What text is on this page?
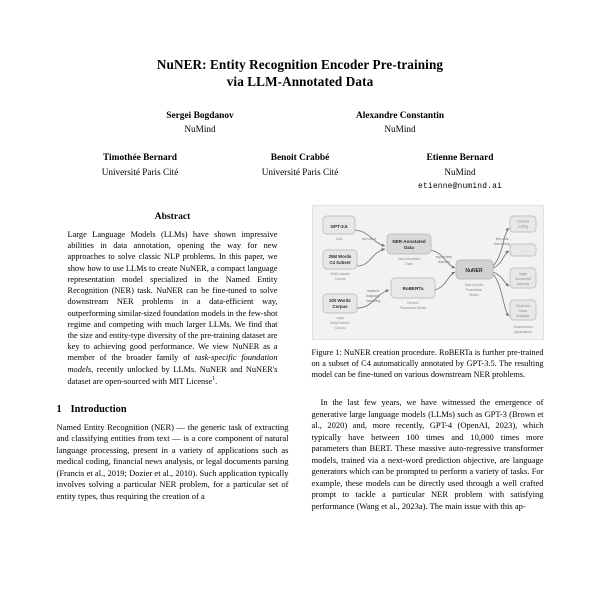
NuNER: Entity Recognition Encoder Pre-training
via LLM-Annotated Data
Sergei Bogdanov
NuMind
Alexandre Constantin
NuMind
Timothée Bernard
Université Paris Cité
Benoit Crabbé
Université Paris Cité
Etienne Bernard
NuMind
etienne@numind.ai
Abstract
Large Language Models (LLMs) have shown impressive abilities in data annotation, opening the way for new approaches to solve classic NLP problems. In this paper, we show how to use LLMs to create NuNER, a compact language representation model specialized in the Named Entity Recognition (NER) task. NuNER can be fine-tuned to solve downstream NER problems in a data-efficient way, outperforming similar-sized foundation models in the few-shot regime and competing with much larger LLMs. We find that the size and entity-type diversity of the pre-training dataset are key to achieving good performance. We view NuNER as a member of the broader family of task-specific foundation models, recently unlocked by LLMs. NuNER and NuNER's dataset are open-sourced with MIT License$^1$.
1 Introduction
Named Entity Recognition (NER) — the generic task of extracting and classifying entities from text — is a core component of natural language processing, present in a variety of applications such as medical coding, financial news analysis, or legal documents parsing (Francis et al., 2019; Dozier et al., 2010). Such application typically involves solving a particular NER problem, for a particular set of entity types, thus requiring the creation of a
GPT-3.5
LLM
25M Words
C4 Subset
Multi-Domain
Corpus
200 Words
Corpus
Large
Multi-Domain
Corpus
NER-Annotated
Data
Task-Annotated
Data
RoBERTa
Generic
Foundation Model
NuNER
Task-Specific
Foundation
Model
medical
coding
...
legal
document
parsing
financial
news
analysis
Downstream
Applications
zero-shot
supervised
learning
masked
language
modelling
few-shot
fine-tuning
Figure 1: NuNER creation procedure. RoBERTa is further pre-trained on a subset of C4 automatically annotated by GPT-3.5. The resulting model can be fine-tuned on various downstream NER problems.
In the last few years, we have witnessed the emergence of generative large language models (LLMs) such as GPT-3 (Brown et al., 2020) and, more recently, GPT-4 (OpenAI, 2023), which typically have between 100 times and 10,000 times more parameters than BERT. These massive auto-regressive transformer models, trained via a next-word prediction objective, are language generators which can be prompted to perform a variety of tasks. For example, these models can be directly used through a well crafted prompt to tackle a particular NER problem with satisfying performance (Wang et al., 2023a). The main issue with this ap-
